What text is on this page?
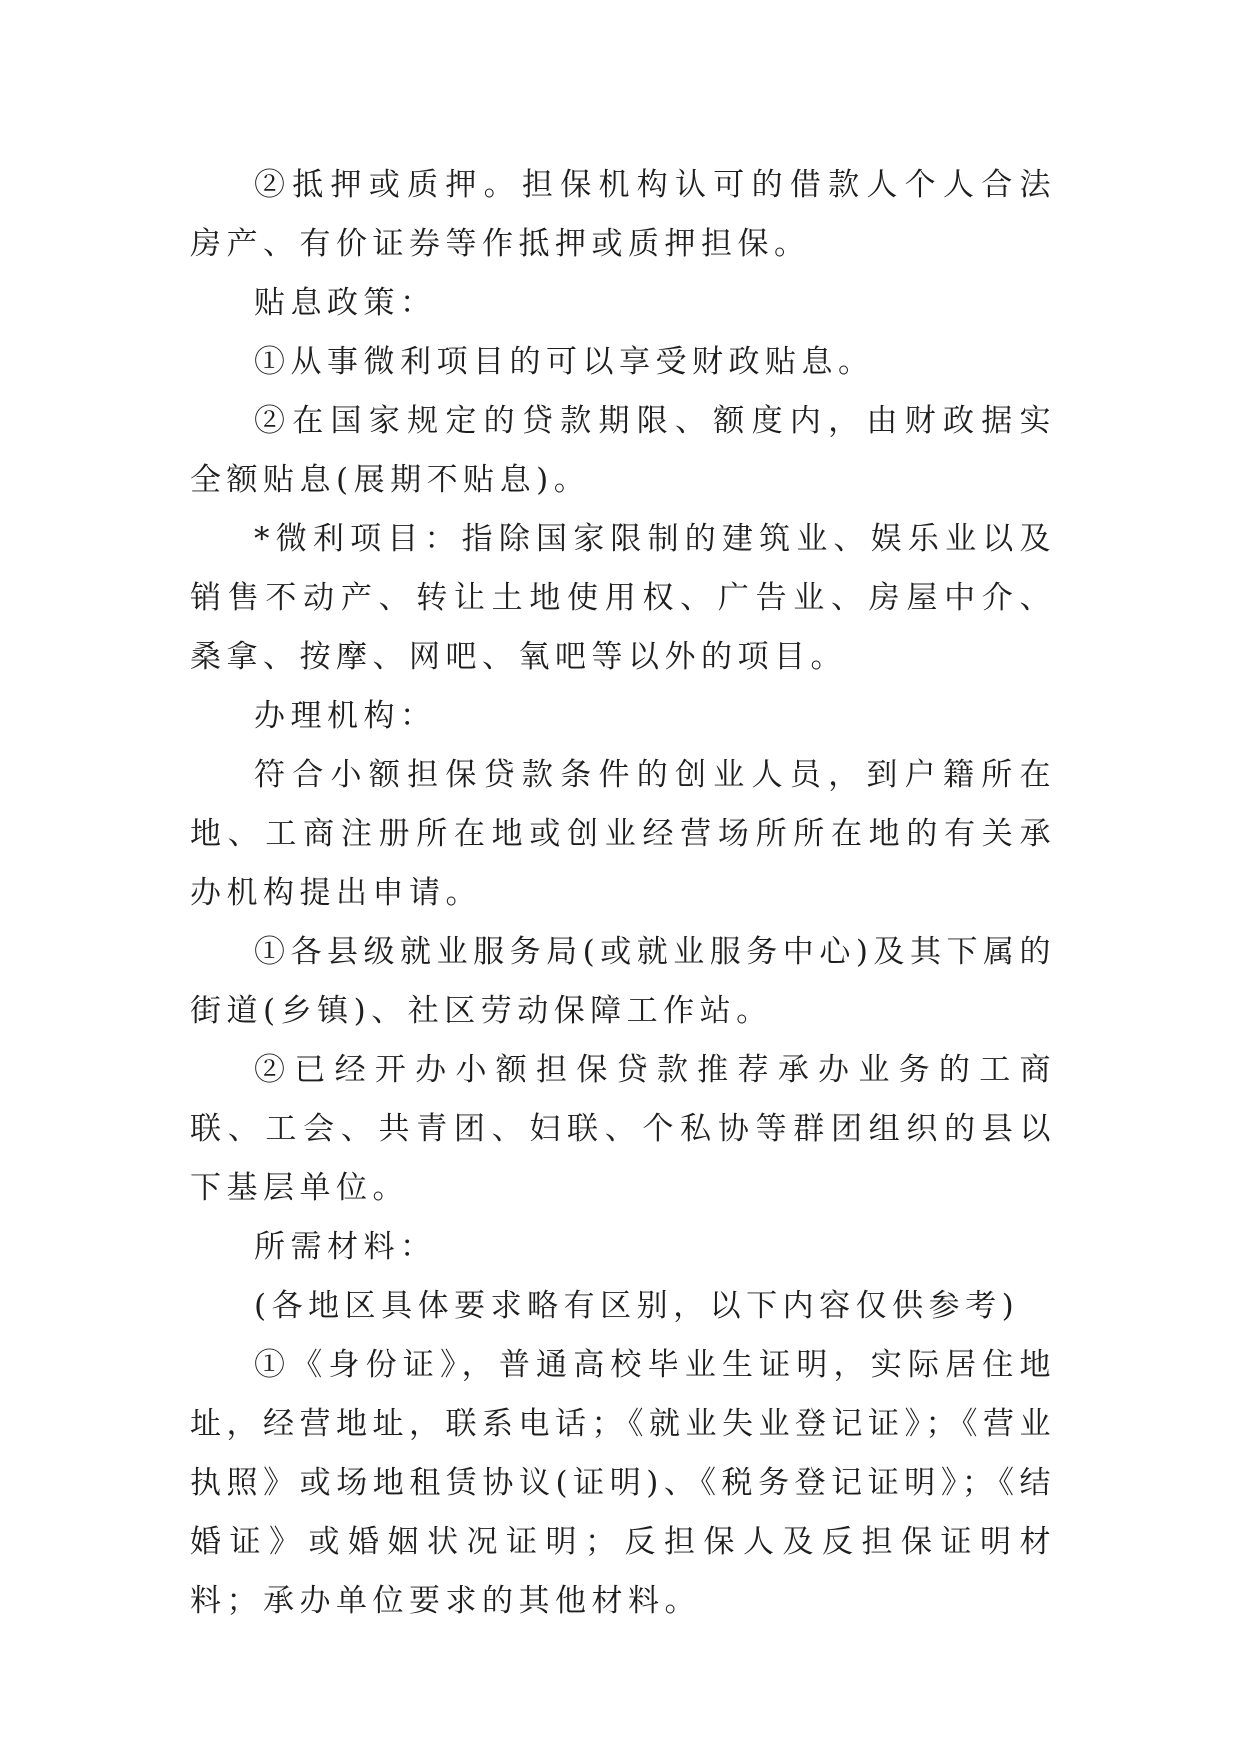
②抵押或质押。担保机构认可的借款人个人合法房产、有价证券等作抵押或质押担保。

贴息政策：

①从事微利项目的可以享受财政贴息。

②在国家规定的贷款期限、额度内，由财政据实全额贴息(展期不贴息)。

*微利项目：指除国家限制的建筑业、娱乐业以及销售不动产、转让土地使用权、广告业、房屋中介、桑拿、按摩、网吧、氧吧等以外的项目。

办理机构：

符合小额担保贷款条件的创业人员，到户籍所在地、工商注册所在地或创业经营场所所在地的有关承办机构提出申请。

①各县级就业服务局(或就业服务中心)及其下属的街道(乡镇)、社区劳动保障工作站。

②已经开办小额担保贷款推荐承办业务的工商联、工会、共青团、妇联、个私协等群团组织的县以下基层单位。

所需材料：

(各地区具体要求略有区别，以下内容仅供参考)

①《身份证》，普通高校毕业生证明，实际居住地址，经营地址，联系电话；《就业失业登记证》；《营业执照》或场地租赁协议(证明)、《税务登记证明》；《结婚证》或婚姻状况证明；反担保人及反担保证明材料；承办单位要求的其他材料。
